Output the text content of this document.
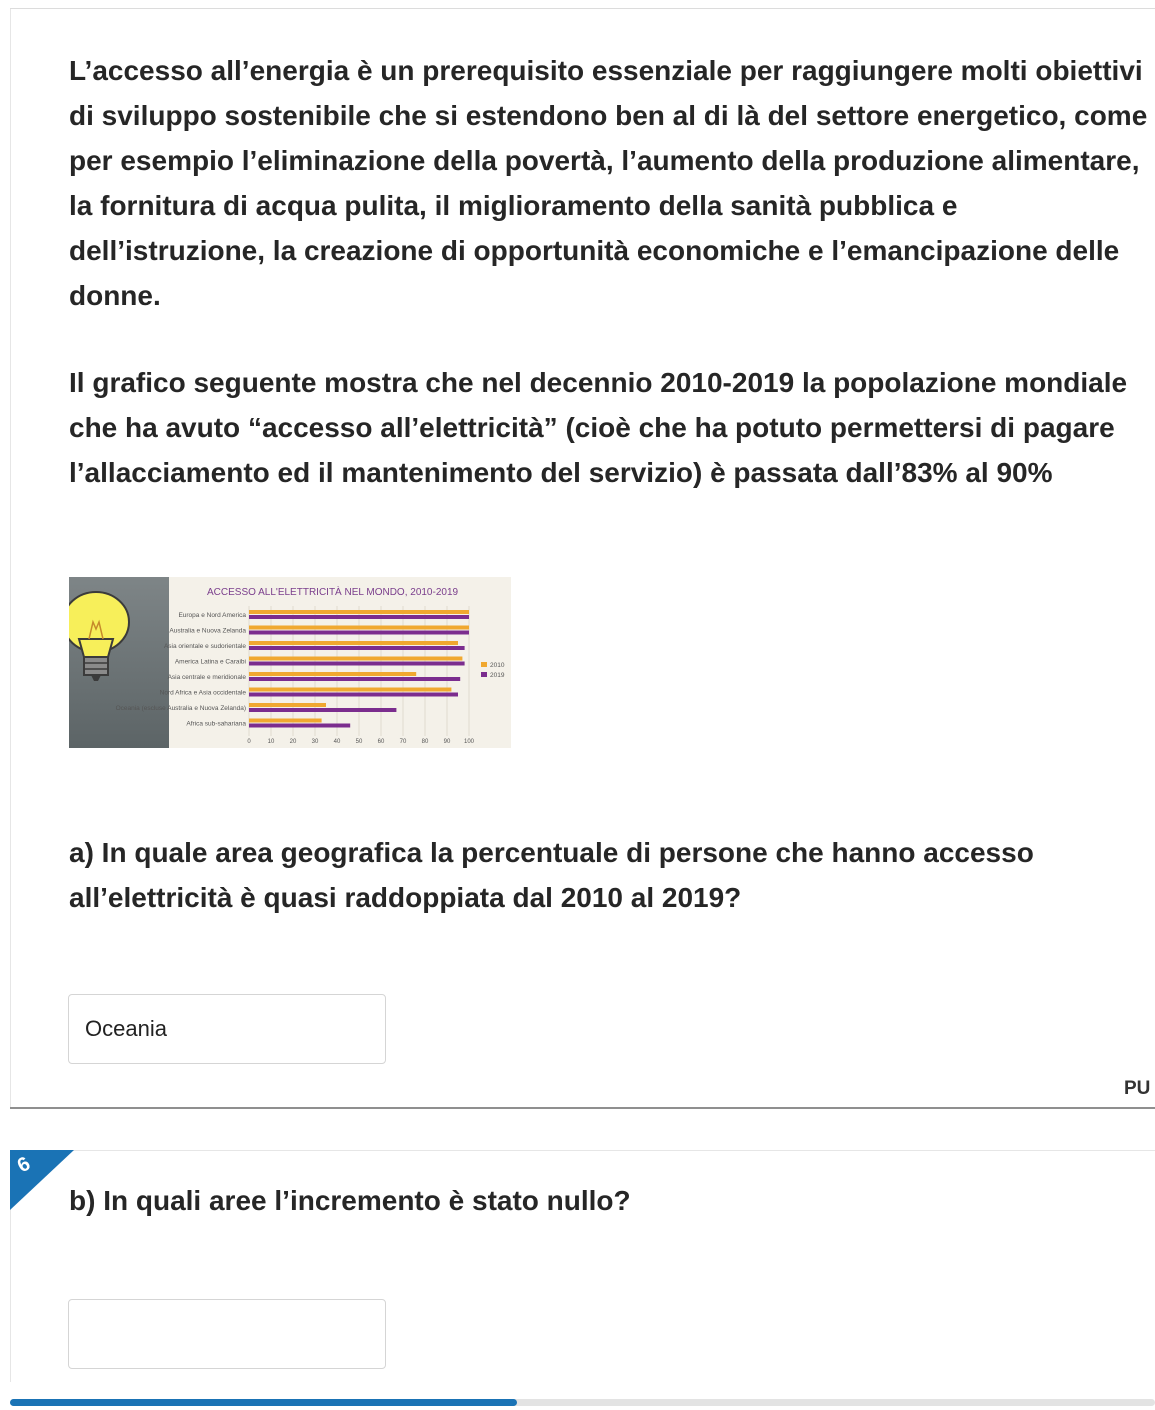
L’accesso all’energia è un prerequisito essenziale per raggiungere molti obiettivi di sviluppo sostenibile che si estendono ben al di là del settore energetico, come per esempio l’eliminazione della povertà, l’aumento della produzione alimentare, la fornitura di acqua pulita, il miglioramento della sanità pubblica e dell’istruzione, la creazione di opportunità economiche e l’emancipazione delle donne.

Il grafico seguente mostra che nel decennio 2010-2019 la popolazione mondiale che ha avuto “accesso all’elettricità” (cioè che ha potuto permettersi di pagare l’allacciamento ed il mantenimento del servizio) è passata dall’83% al 90%

ACCESSO ALL'ELETTRICITÀ NEL MONDO, 2010-2019
Europa e Nord America
Australia e Nuova Zelanda
Asia orientale e sudorientale
America Latina e Caraibi
Asia centrale e meridionale
Nord Africa e Asia occidentale
Oceania (escluse Australia e Nuova Zelanda)
Africa sub-sahariana
0	10	20	30	40	50	60	70	80	90 100
2010
2019

a) In quale area geografica la percentuale di persone che hanno accesso all’elettricità è quasi raddoppiata dal 2010 al 2019?

Oceania
PU
6

b) In quali aree l’incremento è stato nullo?
